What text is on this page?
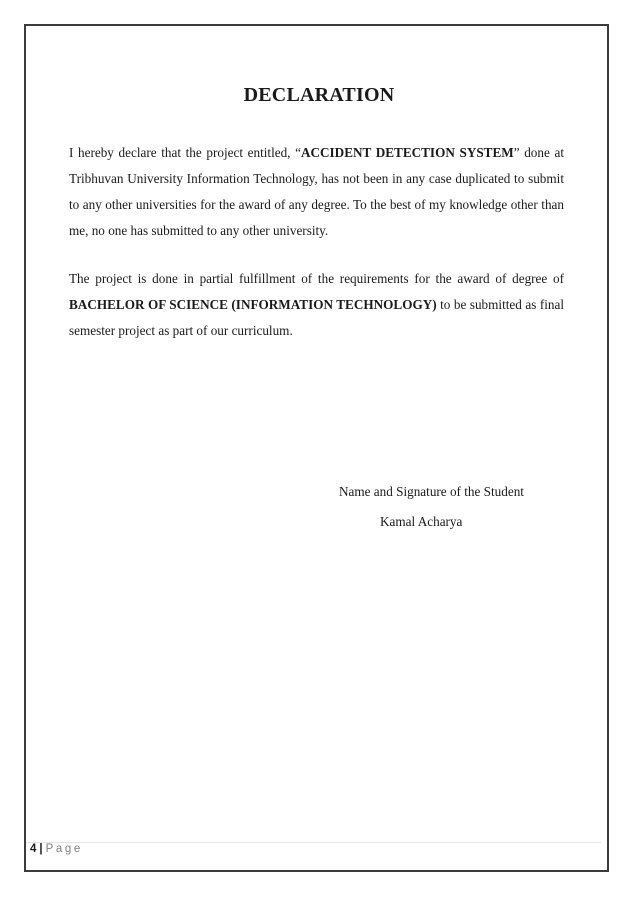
DECLARATION
I hereby declare that the project entitled, “ACCIDENT DETECTION SYSTEM” done at Tribhuvan University Information Technology, has not been in any case duplicated to submit to any other universities for the award of any degree. To the best of my knowledge other than me, no one has submitted to any other university.
The project is done in partial fulfillment of the requirements for the award of degree of BACHELOR OF SCIENCE (INFORMATION TECHNOLOGY) to be submitted as final semester project as part of our curriculum.
Name and Signature of the Student
Kamal Acharya
4 | Page
